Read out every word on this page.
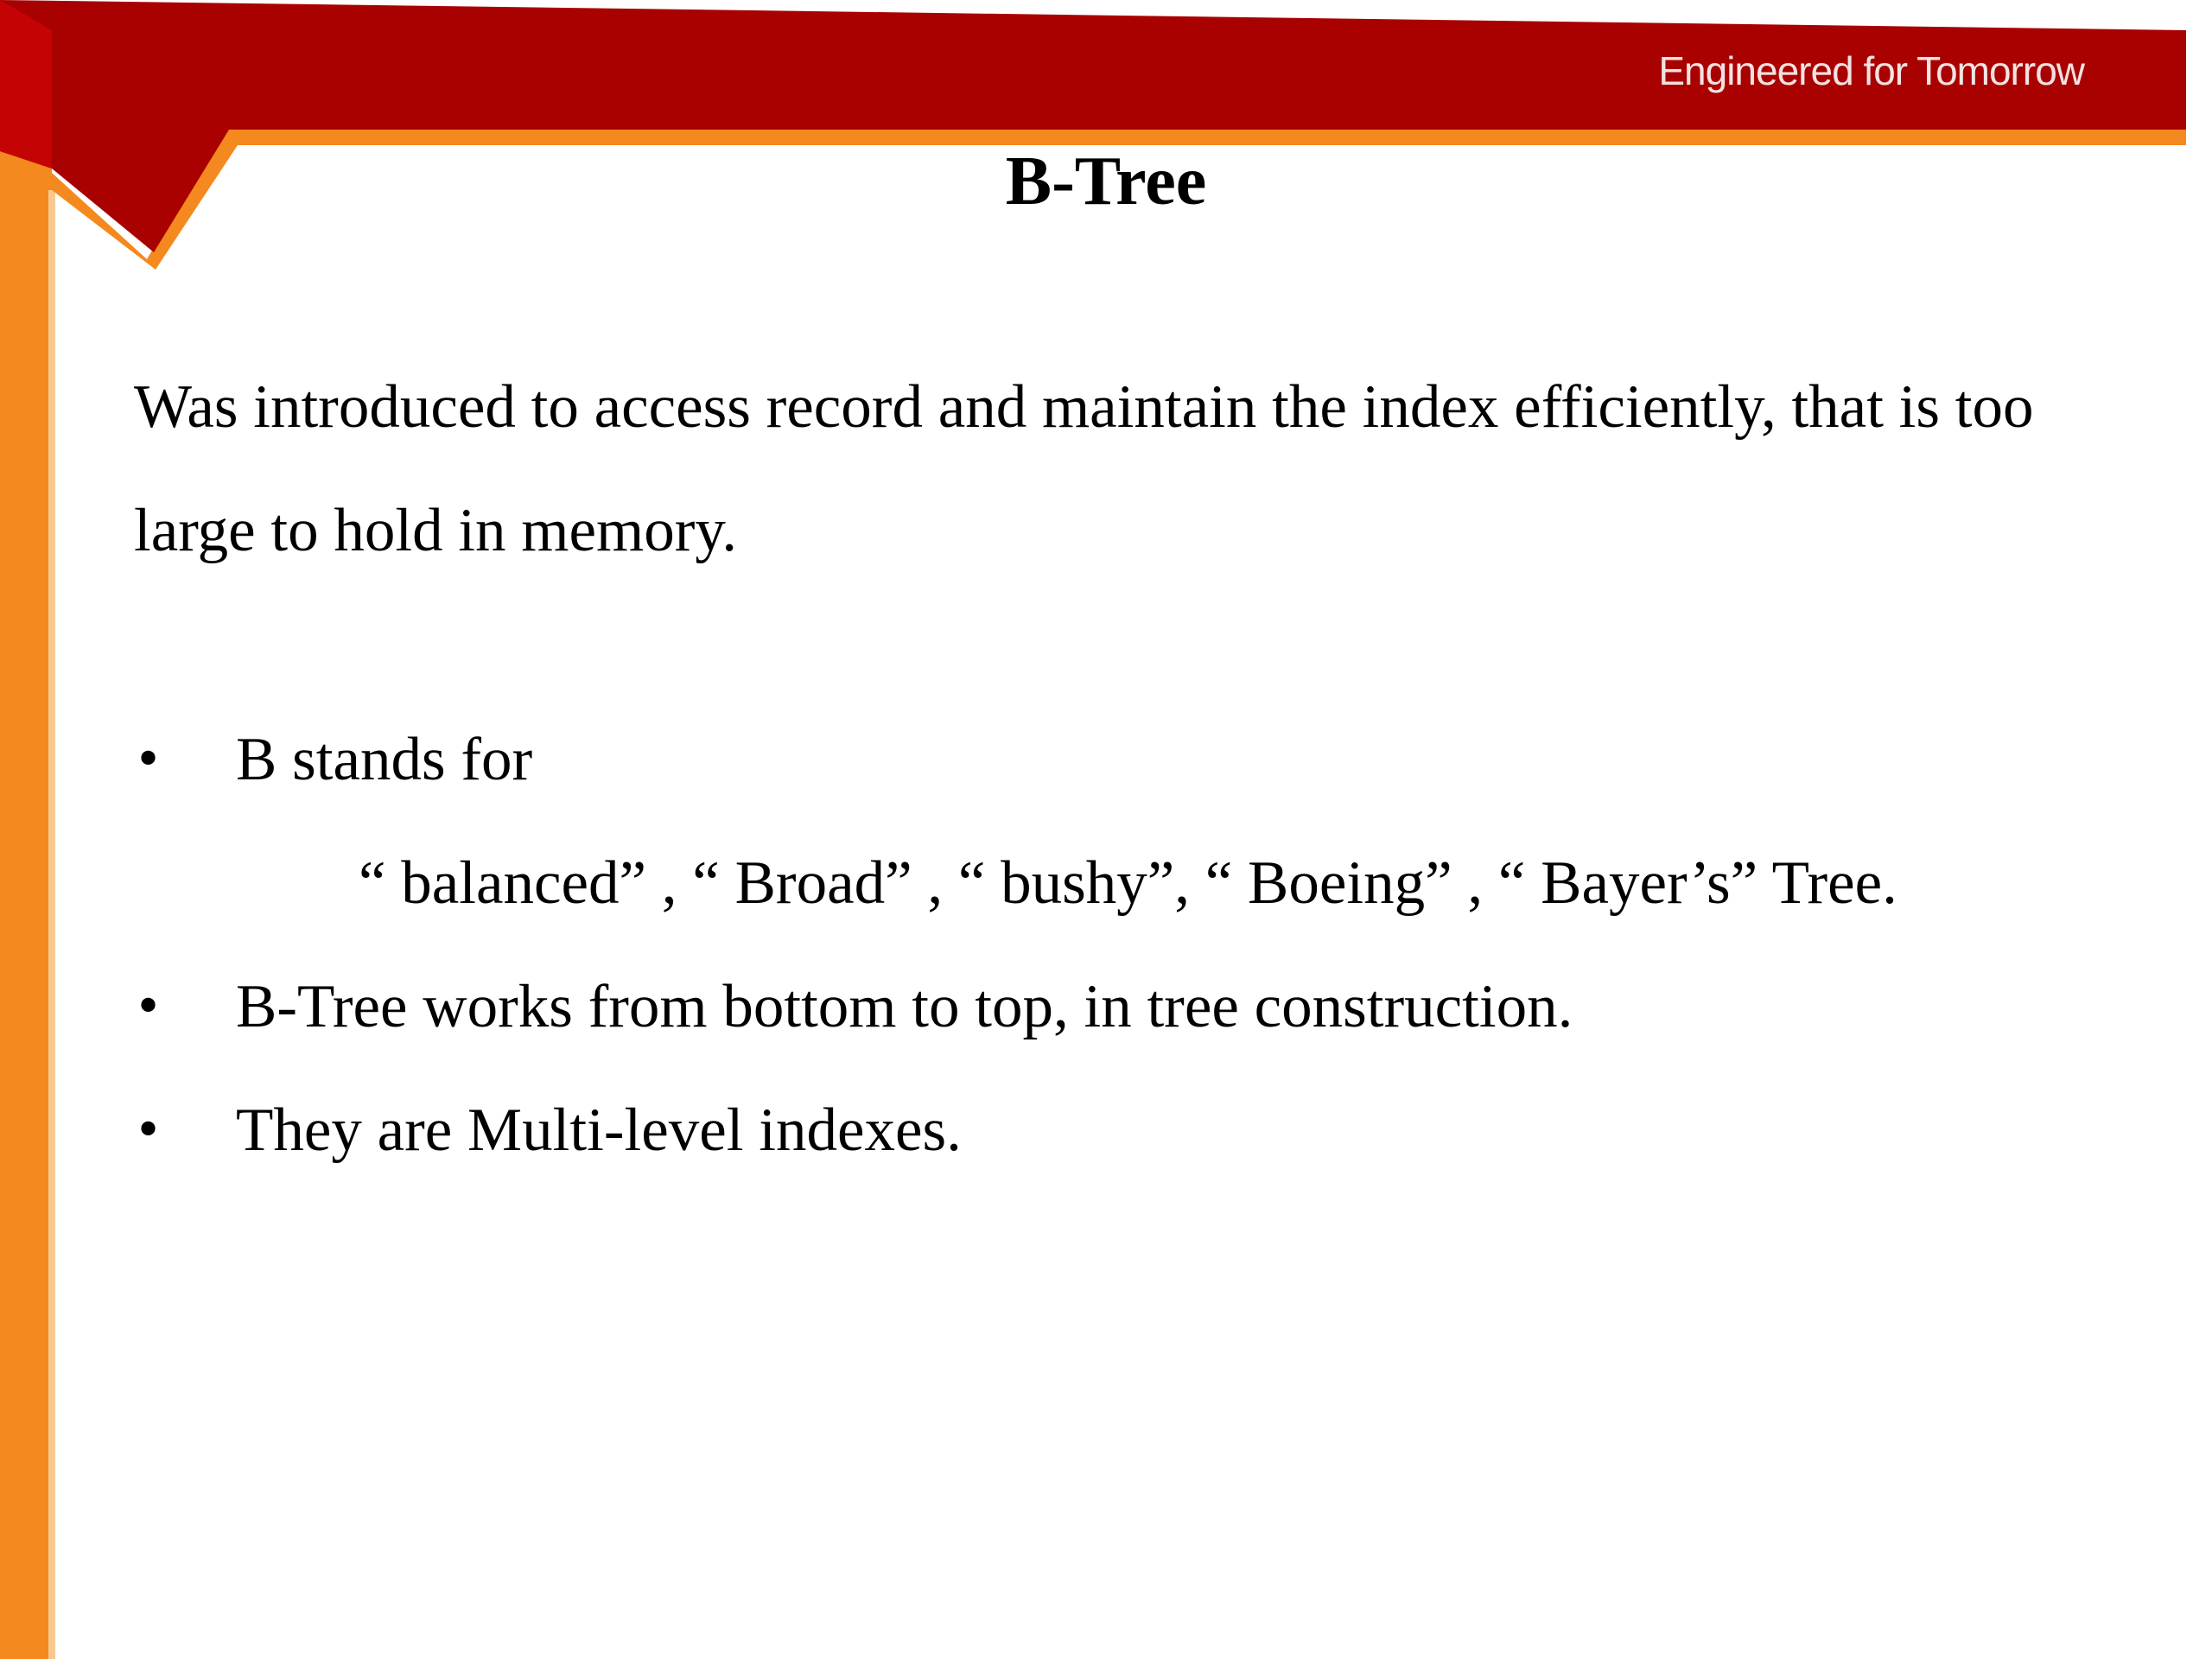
Engineered for Tomorrow
B-Tree

Was introduced to access record and maintain the index efficiently, that is too large to hold in memory.

• B stands for
“ balanced” , “ Broad” , “ bushy”, “ Boeing” , “ Bayer’s” Tree.
• B-Tree works from bottom to top, in tree construction.
• They are Multi-level indexes.
